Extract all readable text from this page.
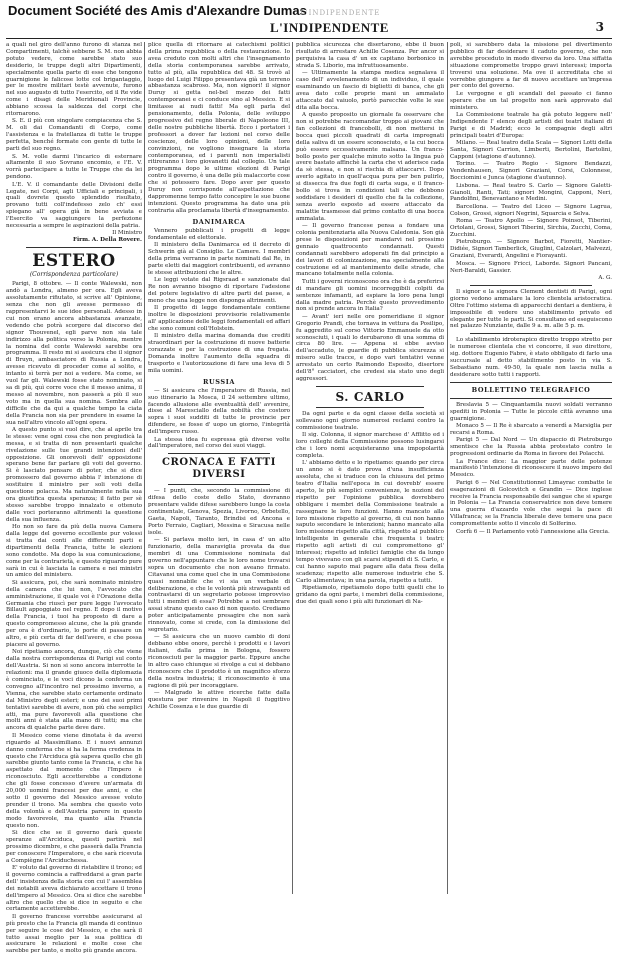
Document Société des Amis d'Alexandre Dumas
L'INDIPENDENTE
L'INDIPENDENTE	3

a quali nel giro dell'anno furono di stanza nel Compartimenti, talchè sebbene S. M. non abbia potuto vedere, come sarebbe stato suo desiderio, le truppe degli altri Dipartimenti, specialmente quella parte di esse che tengono guarnigione le falicose lotte col brigantaggio, per le mostre militari testè avvenute, furono nel suo augusto di tutto l'esercito, ed il Re vide come i disagi delle Meridionali Provincie, abbiano scossa la saldezza del corpi che ritornarono.

S. E. il più con singolare compiacenza che S. M. oli dai Comandanti di Corpo, come l'assistenza e la fratellanza di tutte le truppe perfetta, benché formate con gente di tutte le parti del suo regno.

S. M. volle darmi l'incarico di esternare altamente il suo Sovrano encomio, e l'E. V. vorrà partecipare a tutte le Truppe che da lei pendono.

L'E. V. il comandante delle Divisioni delle Legate, nei Corpi, agli Ufficiali e principali, i quali dovrete questo splendido risultato, provano tutti coll'indefesso zelo ch' essi spiegano all' opera già in bene avviata e l'Esercito va saggiungere la perfezione necessaria a sempre le aspirazioni della patria.

Il Ministro
Firm. A. Della Rovere.
ESTERO
(Corrispondenza particolare)

Parigi, 8 ottobre. — Il conte Walewski, non andò a Londra, almeno per ora. Egli aveva assolutamente rifiutato, si scrive all' Opinione, senza che non gli avesse permesso di rappresentarvi le sue idee personali. Adesso in cui non erano ancora abbastanza avanzate, vedendo che potrà scorgere dal discorso del signor Thouvenel, egli parve non sia tale indirizzo alla politica verso la Polonia, mentre la nomina del conte Walewski sarebbe ora programma. Il resto mi si assicura che il signor di Bruyn, ambasciatore di Russia a Londra, avesse ricevuto di proceder come al solito, e intanto sì terrà per noi a vedere. Ma come, se vuol far gli. Walewski fosse stato nominato, si sa di più, quì corre voce che il messo anima, il messo al novembre, non passerà a più il suo voto ma in quella sua nomina. Sembra allo difficile che da qui a qualche tempo la ciata della Francia non sia per prendere in esame la sua nell'altro vincolo all'ogni opera.

A questo punto si vuol dire, che al aprile tra le stesse: vene ogni cosa che non pregiudicà la messa, e si tratta di non presentarli qualche rivelazione sulle tue grandi intenzioni dell' opposizione. Gli onorevoli dell' opposizione sperano bene far parlare gli voti del governo. Si è lasciato pensare di poter, che si dice promossero dal governo abbia l' intenzione di sostituire il ministro per soli voti della questione polacca. Ma naturalmente nella sua ora giustifica questa speranza; il fatto per sè stesso sarebbe troppo innalzato e ottenuto dalle voci porteranno altrimenti la questione della sua influenza.

Ho non so fare da più della nuova Camera dalla legge del governo eccellente pur volessi si tratta dai conti alle differenti parti e dipartimenti della Francia, tutte le elezioni sono condotte. Ma dopo la sua comunicazione, come per la contrarietà, e questo riguardo pure sarà in cui è lasciata la camera e nei ministri un amico del ministero.

Si assicura, poi, che sarà nominato ministro della camera che lui non, l'avvocato che amministrazione, il quale voi è l'Orazione della Germania che riuscì per pure legge l'avvocato Billault appoggiato nel regno. E dopo il motivo della Francia, i tuoi ha proposto di dare a questo compromesso alcune, che la più grande per ora è d'ordinario, lo porte di passare un altro, e più certa di far dell'avere, e che possa piacere al governo.

Noi ripetiamo ancora, dunque, ciò che viene dalla nostra corrispondenza di Parigi sul conto dell'Austria. Si non si sono ancora interrotte le relazioni: ma il grande giuoco della diplomazia è cominciato, e le voci dicono la conferma un convegno all'incontro nel prossimo inverno, a Vienna, che sarebbe stato certamente ordinato dal Ministro degli esteri; e uno dei suoi primi tentativi sarebbe di avere, non più che semplici atti, ma pure favorevoli alla questione che molti anni è stata alla mano di tutti; ma che ancora di qualche parte deve dare.

Il Messico come viene dinotata è da aversi riguardo al Massimiliano. E i nuovi annunzi danno conferma che si ha la ferma credenza in questo che l'Arciduca già sapeva quello che gli sarebbe giunto tanto come la Francia, e che ha aspettato dal momento che l'Impero è riconosciuto. Egli accetterebbe a condizione che gli fosse concesso d'avere un'armata di 20,000 uomini francesi per due anni, e che sotto il governo del Messico avesse voluto prender il trono. Ma sembra che questo voto della volontà e dell'Austria parere in questo modo favorevole, ma quanto alla Francia questo non.

Si dice che se il governo darà queste speranze all'Arciduca, questi partirà nel prossimo dicembre, e che passerà dalla Francia per conoscere l'Imperatore, e che sarà ricevuta a Compiègne l'Arciduchessa.

E' voluto dal governo di ristabilire il trono; ed il governo comincia a raffreddarsi a gran parte dell' insistenza della storia con cui l' assemblea dei notabili aveva dichiarato accettare il trono dell'impero al Messico. Ora si dice che sarebbe altro che quello che si dice in seguito e che certamente accetterebbe.

Il governo francese vorrebbe assicurarsi al più presto che la Francia gli manda di continuo per seguire le cose del Messico, e che sarà il tutto assai meglio per la sua politica di assicurare le relazioni e molte cose che sarebbe per tanto, e molto più grande ancora.

plice quella di ritornare ai catechismi politici della prima repubblica o della restaurazione. Io avea creduto con molti altri che l'insegnamento della storia contemporanea sarebbe arrivato, tutto al più, alla repubblica del 48. Si trovò al luogo del Luigi Filippo presentava già un terreno abbastanza scabroso. Ma, non signori! il signor Duruy si getta nel-bel mezzo dei fatti contemporanei e ci conduce sino al Messico. E si limitasse ai nudi fatti! Ma egli parla del pensionamento, della Polonia, delle sviluppo progressivo del regno liberale di Napoleone III, delle nostre pubbliche libertà. Ecco i portatori i professori a dover far lezioni nel corso delle coscienze, delle loro opinioni, delle loro convinzioni, ne vogliono insegnare la storia contemporanea, ed i parenti non imperialisti ritireranno i loro giovanetti dal collegio. Un tale programma dopo le ultime elezioni di Parigi contro il governo, è una delle più malaccorte cose che si potessero fare. Dopo aver per questo Duruy non corrisponde all'aspettazione che dappromenne tempo fatto concepire le sue buone intenzioni. Questo programma ha dato una più contraria alla proclamata libertà d'insegnamento.

DANIMARCA

Vennero pubblicati i progetti di legge fondamentale ed elettorale.

Il ministero della Danimarca ed il decreto di Schwerin già al Consiglio. Le Camere. I membri della prima verranno in parte nominati dal Re, in parte eletti dai maggiori contribuenti, ed avranno le stesse attribuzioni che le altre.

Le leggi votate dal Rigsraad e sanzionate dal Re non avranno bisogno di riportare l'adesione del potere legislativo di altre parti del paese, a meno che una legge non disponga altrimenti.

Il progetto di legge fondamentale contiene inoltre le disposizioni provvisorie relativamente all' applicazione delle leggi fondamentali ed affari che sono comuni coll'Holstein.

Il ministro della marina domanda due crediti straordinari per la costruzione di nuove batterie corazzate e per la costruzione di una fregata. Domanda inoltre l'aumento della squadra di trasporto e l'autorizzazione di fare una leva di 5 mila uomini.

RUSSIA

— Si assicura che l'imperatore di Russia, nel suo itinerario la Mosca, il 24 settembre ultimo, facendo allusione alle eventualità dell' avvenire, disse al Maresciallo della nobiltà che costoro sopra i suoi sudditi di tutte le provincie per difendere, se fosse d' uopo un giorno, l'integrità dell'impero russo.

La stessa idea fu espressa già diverse volte dall'imperatore, nel corso dei suoi viaggi.

CRONACA E FATTI DIVERSI

— I punti, che, secondo la commissione di difesa dello coste dello Stato, dovranno presentare valide difese sarebbero lungo la costa continentale, Genova, Spezia, Livorno, Orbetello, Gaeta, Napoli, Taranto, Brindisi ed Ancona e Porto Ferraio, Cagliari, Messina e Siracusa nelle isole.

— Si parlava molto ieri, in casa d' un alto funzionario, della maraviglia provata da due membri di una Commissione nominata dal governo nell'appuntare che le loro nome trovarsi sopra un documento che non aveano firmato. Citavansi una come quel che in una Commissione quasi nonnabile che vi sia un verbale di deliberazione, e che le volontà più stravaganti ed contrastarsi di un segretario potesse improvviso tutti i membri di essa? Potrebbe a noi sembrare assai strano questo caso di non questo. Crediamo poter anticipatamente presagire che non sarà rinnovato, come si crede, con la dimissione del segretario.

— Si assicura che un nuovo cambio di doni debbano ebbe onore, perchè i prodotti e i lavori italiani, dalla prima in Bologna, fossero riconosciuti per la maggior parte. Eppure anche in altro caso chiunque si rivolge a cui si debbano riconoscere che il prodotto è un magnifico sforzo della nostra industria; il riconoscimento è una ragione di più per incoraggiare.

— Malgrado le attive ricerche fatte dalla questura per rinvenire in Napoli il fuggitivo Achille Cosenza e le due guardie di

pubblica sicurezza che disertarono, ebbe il buon risultato di arrestare Achille Cosenza. Per ancor si perquisiva la casa d' un ex capitano borbonico in strada S. Liborio, ma infruttuosamente.

— Ultimamente la stampa medica segnalava il caso dell' avvelenamento di un individuo, il quale esaminando un fascio di biglietti di banca, che gli avea dato colle proprie mani un ammalato attaccato dal vaiuolo, portò parecchie volte le sue dita alla bocca.

A questo proposito un giornale fa osservare che non si potrebbe raccomandar troppo ai giovani che fan collezioni di francobolli, di non mettersi in bocca quei piccoli quadrati di carta impregnati della saliva di un essere sconosciuto, e la cui bocca può essere eccessivamente malsana. Un franco-bollo posto per qualche minuto sotto la lingua può avere bastato affinchè la carta che vi aderisce cada da sè stessa, e non si rischia di attaccarvi. Dopo averlo agitato in quell'acqua pura per ben pulirlo, si dissecca fra due fogli di carta suga, e il franco-bollo si trova in condizioni tali che debbono soddisfare i desideri di quello che fa la collezione, senza averlo esposto ad essere attaccato da malattie trasmesse dal primo contatto di una bocca ammalata.

— Il governo francese pensa a fondare una colonia penitenziaria alla Nuova Caledonia. Son già prese le disposizioni per mandarvi nel prossimo gennaio quattrocento condannati. Questi condannati sarebbero adoperati fin dal principio a dei lavori di colonizzazione, ma specialmente alla costruzione ed al mantenimento delle strade, che mancano totalmente nella colonia.

Tutti i governi riconoscono ora che è da preferirsi di mandare gli uomini incorreggibili colpiti da sentenze infamanti, ad espiare la loro pena lungi dalla madre patria. Perchè questo provvedimento non si prende ancora in Italia?

— Avant' ieri nelle ore pomeridiane il signor Gregorio Prandi, che tornava in vettura da Posilipo, fu aggredito sul corso Vittorio Emmanuele da otto sconosciuti, i quali lo derubarono di una somma di circa 80 lire. — Appena si ebbe avviso dell'accaduto, le guardie di pubblica sicurezza si misero sulle tracce, e dopo vari tentativi venne arrestato un certo Raimondo Esposito, disertore dell'8° cacciatori, che credesi sia stato uno degli aggressori.

S. CARLO

Da ogni parte e da ogni classe della società si sollevano ogni giorno numerosi reclami contro la commissione teatrale.

Il sig. Colonna, il signor marchese d' Afflitto ed i loro colleghi della Commissione possono lusingarsi che i loro nomi acquisteranno una impopolarità completa.

L' abbiamo detto e lo ripetiamo: quando per circa un anno si è dato prova d'una insufficienza assoluta, che si traduce con la chiusura del primo teatro d'Italia nell'epoca in cui dovrebb' essere aperto, le più semplici convenienze, le nozioni del rispetto per l'opinione pubblica dovrebbero obbligare i membri della Commissione teatrale a rassegnare le loro funzioni. Hanno mancato alla loro missione rispetto al governo, di cui non hanno saputo secondare le intenzioni; hanno mancato alla loro missione rispetto alla città, rispetto al pubblico intelligente in generale che frequenta i teatri; rispetto agli artisti di cui compromettono gl' interessi; rispetto ad infelici famiglie che da lungo tempo vivevano con gli scarsi stipendi di S. Carlo, e cui hanno saputo mai pagare alla data fissa della scadenza; rispetto alle numerose industrie che S. Carlo alimentava; in una parola, rispetto a tutti.

Ripetiamolo, ripetiamolo dopo tutti quelli che lo gridano da ogni parte, i membri della commissione, due dei quali sono i più alti funzionari di Na-

poli, si sarebbero data la missione pel divertimento pubblico di far desiderare il caduto governo, che non avrebbe proceduto in modo diverso da loro. Una siffatta situazione compromette troppo gravi interessi; importa troversi una soluzione. Ma ove il accreditata che si vorrebbe giungere a far di nuovo accettare un'impresa per conto del governo.

Le vergogne e gli scandali del passato ci fanno sperare che un tal progetto non sarà approvato dal ministero.

La Commissione teatrale ha già potuto leggere nell' Indipendente l' elenco degli artisti dei teatri italiani di Parigi e di Madrid; ecco le compagnie degli altri principali teatri d'Europa:

Milano. — Real teatro della Scala — Signori Lotti della Santa, Signori Carrion, Limberti, Bertolini, Bartolini, Capponi (stagione d'autunno).

Torino. — Teatro Regio - Signore Bendazzi, Vendenhausen, Signori Graziani, Corsi, Colonnese, Bocciomini e Junca (stagione d'autunno).

Lisbona. — Real teatro S. Carlo — Signore Galetti-Gianoli, Ranti, Tati; signori Mongini, Capponi, Neri, Pandolfini, Benevantano e Medini.

Barcellona. — Teatro del Liceo — Signore Lagrua, Colson, Grossi, signori Negrini, Squarcia e Selva.

Roma — Teatro Apollo — Signore Poinsot, Tiberini, Ortolani, Grossi, Signori Tiberini, Sirchia, Zucchi, Coma, Zucchini.

Pietroburgo. — Signore Barbot, Fioretti, Nantier-Didiée, Signori Tamberlick, Giuglini, Calzolari, Malvezzi, Graziani, Everardi, Angelini e Fiorayanti.

Mosca. — Signore Fricci, Laborde. Signori Pancani, Neri-Baraldi, Gassier.

A. G.

Il signor e la signora Clement dentisti di Parigi, ogni giorno vedono ammalare la loro clientela aristocratica. Oltre l'ottimo sistema di apparecchi dentari a dentiera, è impossibile di vedere uno stabilimento privato ed elegante per tutte le parti. Si consultano ed eseguiscono nel palazzo Nunziante, dalle 9 a. m. alle 5 p. m.

Lo stabilimento idroterapico diretto troppo stretto per le numerose clientela che vi concorre, il suo direttore, sig. dottore Eugenio Fabre, è stato obbligato di farlo una succursale al detto stabilimento posto in via S. Sebastiano num. 49-50, la quale non lascia nulla a desiderare sotto tutti i rapporti.

BOLLETTINO TELEGRAFICO

Breslavia 5 — Cinquantamila nuovi soldati verranno spediti in Polonia — Tutte le piccole città avranno una guarnigione.

Monaco 5 — Il Re è sbarcato a venerdì a Marsiglia per recarsi a Roma.

Parigi 5 — Dal Nord — Un dispaccio di Pietroburgo smentisce che la Russia abbia protestato contro le progressioni ordinarie da Roma in favore dei Polacchi.

La France dice: La maggior parte delle potenze manifestò l'intenzione di riconoscere il nuovo impero del Messico.

Parigi 6 — Nel Constitutionnel Limayrac combatte le esagerazioni di Golcovitch e Grandin — Dice inglese receive la Francia responsabile dei sangue che si sparge in Polonia — La Francia conservatrice non deve temere una guerra d'azzardo vole che seguì la pace di Villafranca; se la Francia liberale deve temere una pace compromettente sotto il vincolo di Solferino.

Corfù 6 — Il Parlamento votò l'annessione alla Grecia.
